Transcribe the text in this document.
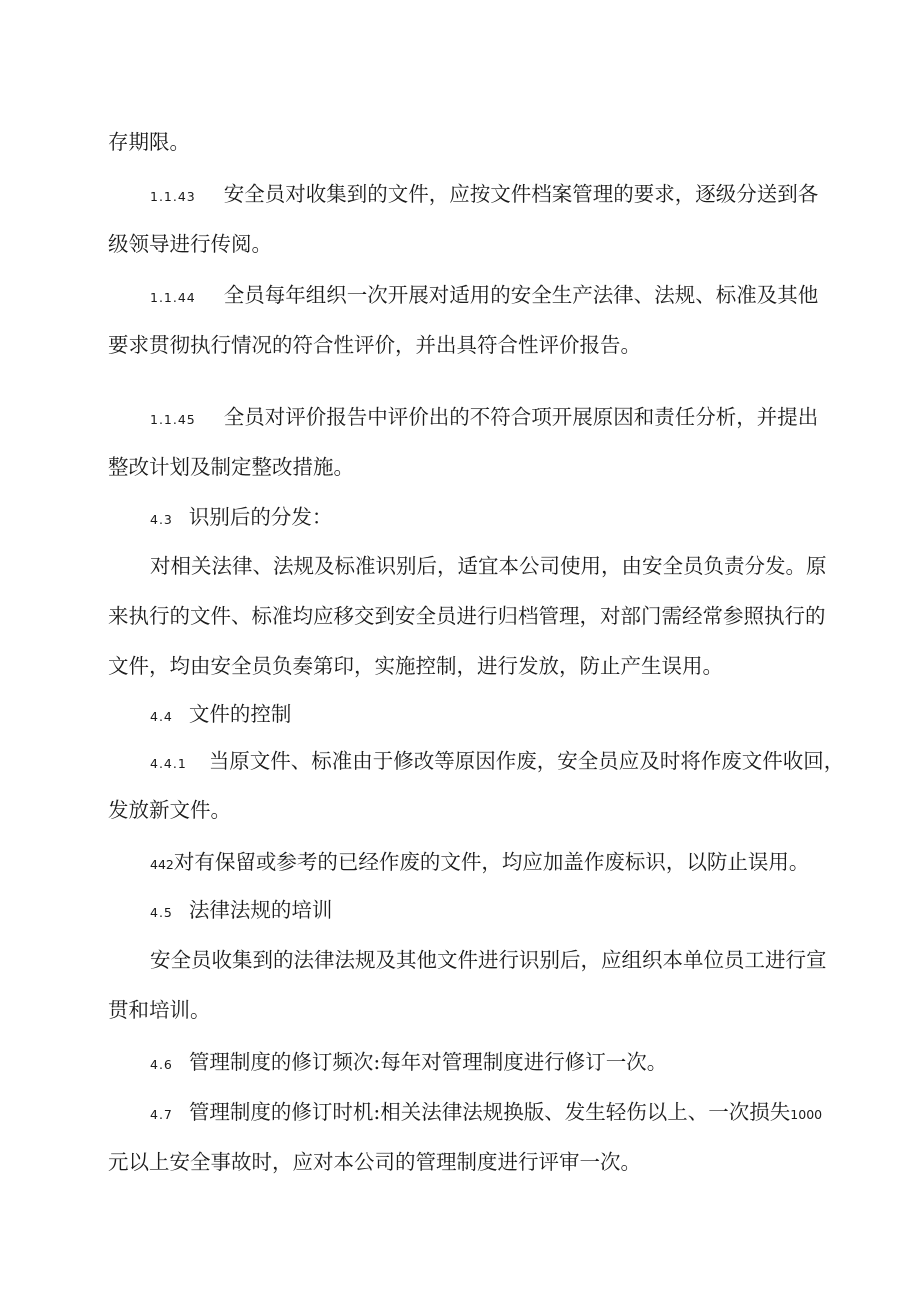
存期限。
1.1.43 安全员对收集到的文件，应按文件档案管理的要求，逐级分送到各
级领导进行传阅。
1.1.44 全员每年组织一次开展对适用的安全生产法律、法规、标准及其他
要求贯彻执行情况的符合性评价，并出具符合性评价报告。
1.1.45 全员对评价报告中评价出的不符合项开展原因和责任分析，并提出
整改计划及制定整改措施。
4.3 识别后的分发：
对相关法律、法规及标准识别后，适宜本公司使用，由安全员负责分发。原
来执行的文件、标准均应移交到安全员进行归档管理，对部门需经常参照执行的
文件，均由安全员负奏第印，实施控制，进行发放，防止产生误用。
4.4 文件的控制
4.4.1 当原文件、标准由于修改等原因作废，安全员应及时将作废文件收回，
发放新文件。
442对有保留或参考的已经作废的文件，均应加盖作废标识，以防止误用。
4.5 法律法规的培训
安全员收集到的法律法规及其他文件进行识别后，应组织本单位员工进行宣
贯和培训。
4.6 管理制度的修订频次:每年对管理制度进行修订一次。
4.7 管理制度的修订时机:相关法律法规换版、发生轻伤以上、一次损失1000
元以上安全事故时，应对本公司的管理制度进行评审一次。
